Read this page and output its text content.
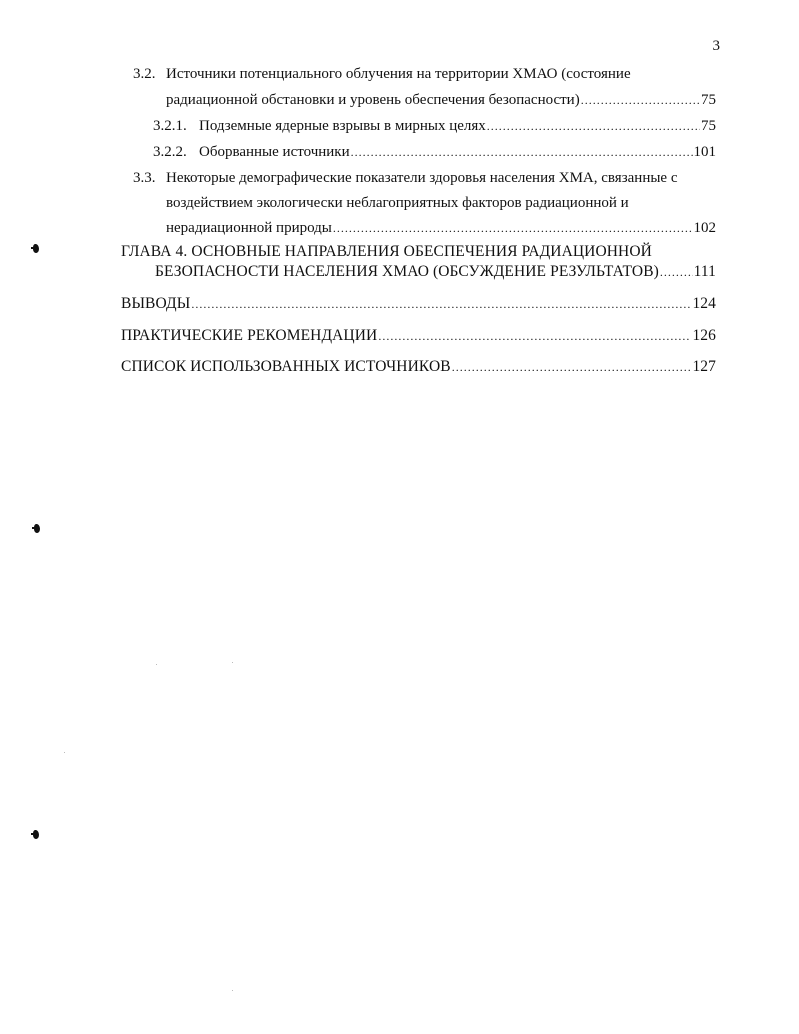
3
3.2. Источники потенциального облучения на территории ХМАО (состояние
радиационной обстановки и уровень обеспечения безопасности) .....	75
3.2.1. Подземные ядерные взрывы в мирных целях .....	75
3.2.2. Оборванные источники .....	101
3.3. Некоторые демографические показатели здоровья населения ХМА, связанные с
воздействием экологически неблагоприятных факторов радиационной и
нерадиационной природы .....	102
ГЛАВА 4. ОСНОВНЫЕ НАПРАВЛЕНИЯ ОБЕСПЕЧЕНИЯ РАДИАЦИОННОЙ
БЕЗОПАСНОСТИ НАСЕЛЕНИЯ ХМАО (ОБСУЖДЕНИЕ РЕЗУЛЬТАТОВ) ..... 111
ВЫВОДЫ .....	124
ПРАКТИЧЕСКИЕ РЕКОМЕНДАЦИИ .....	126
СПИСОК ИСПОЛЬЗОВАННЫХ ИСТОЧНИКОВ .....	127
